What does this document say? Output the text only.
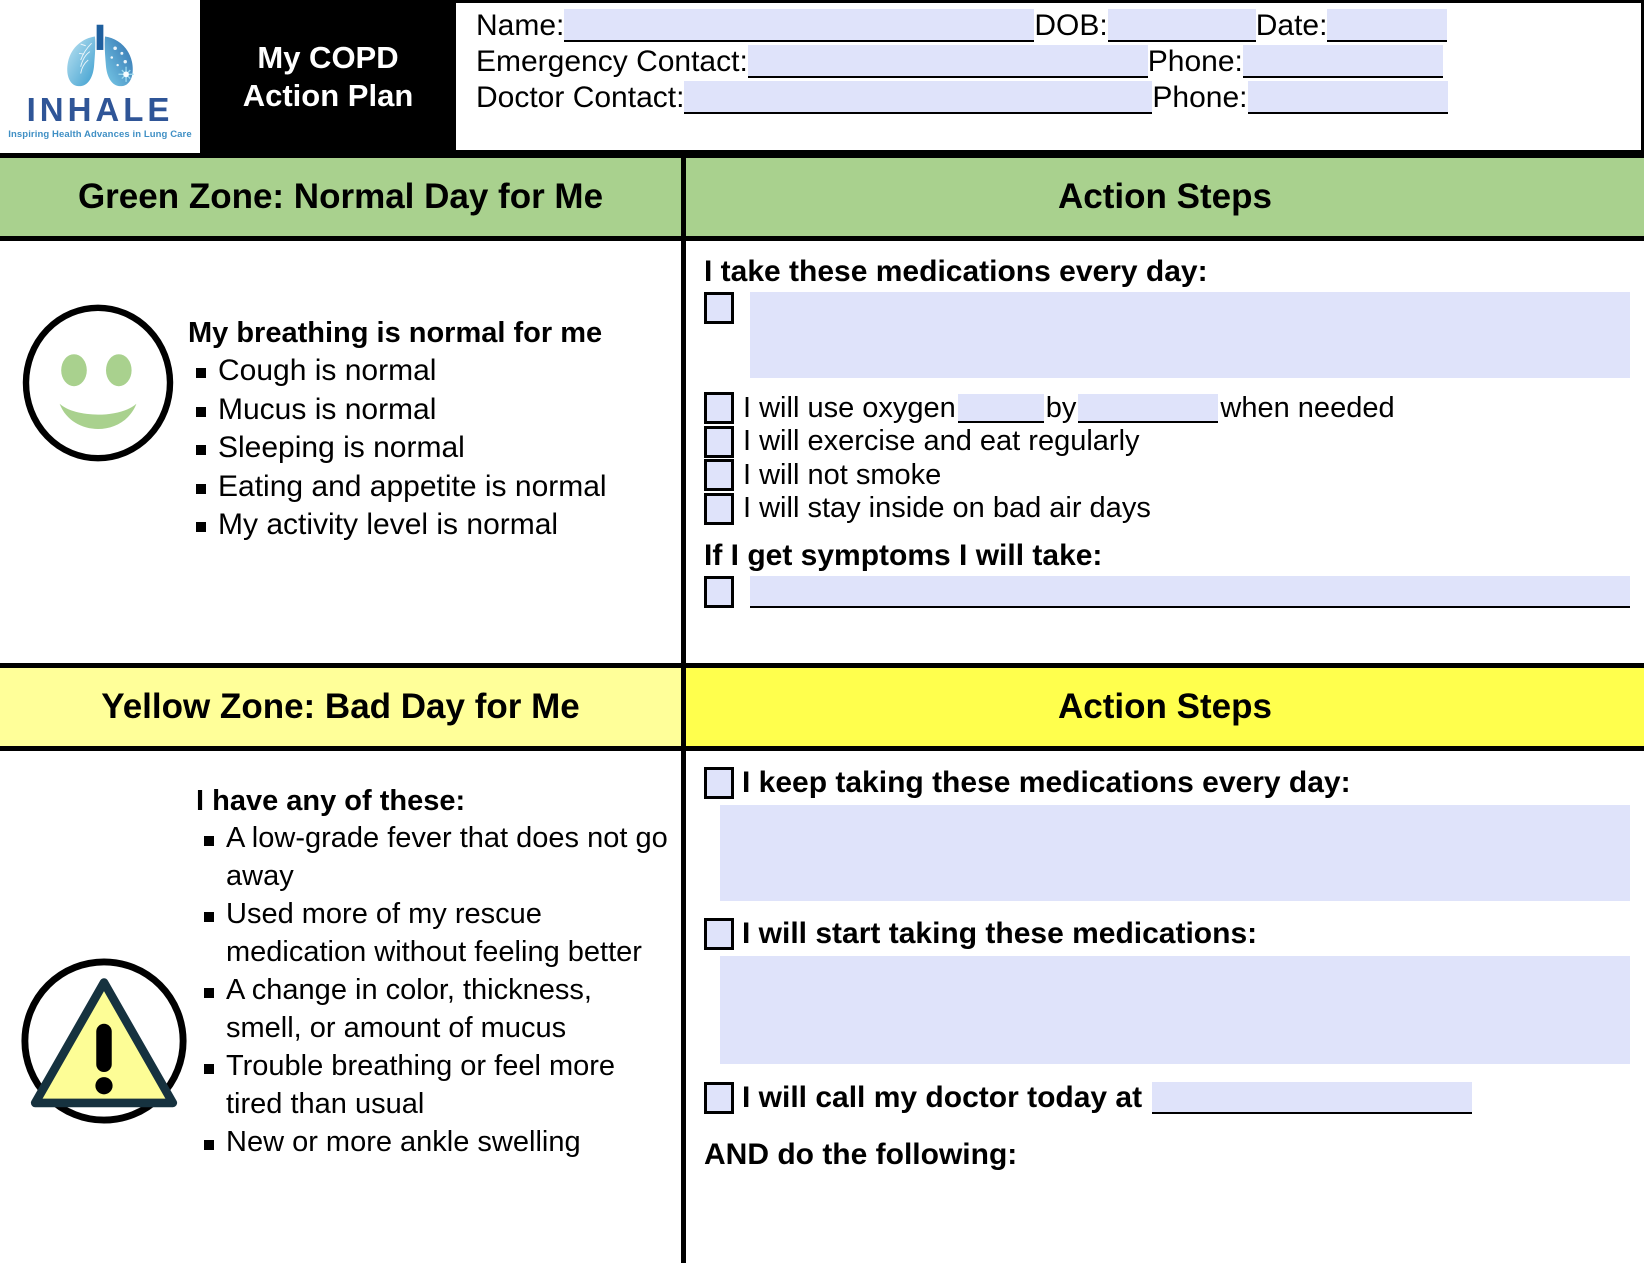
INHALE
Inspiring Health Advances in Lung Care
My COPD
Action Plan
Name:	DOB:	Date:
Emergency Contact:	Phone:
Doctor Contact:	Phone:
Green Zone: Normal Day for Me
My breathing is normal for me
Cough is normal
Mucus is normal
Sleeping is normal
Eating and appetite is normal
My activity level is normal
Action Steps
I take these medications every day:
I will use oxygen	by	when needed
I will exercise and eat regularly
I will not smoke
I will stay inside on bad air days
If I get symptoms I will take:
Yellow Zone: Bad Day for Me
I have any of these:
A low-grade fever that does not go away
Used more of my rescue medication without feeling better
A change in color, thickness, smell, or amount of mucus
Trouble breathing or feel more tired than usual
New or more ankle swelling
Action Steps
I keep taking these medications every day:
I will start taking these medications:
I will call my doctor today at
AND do the following:
